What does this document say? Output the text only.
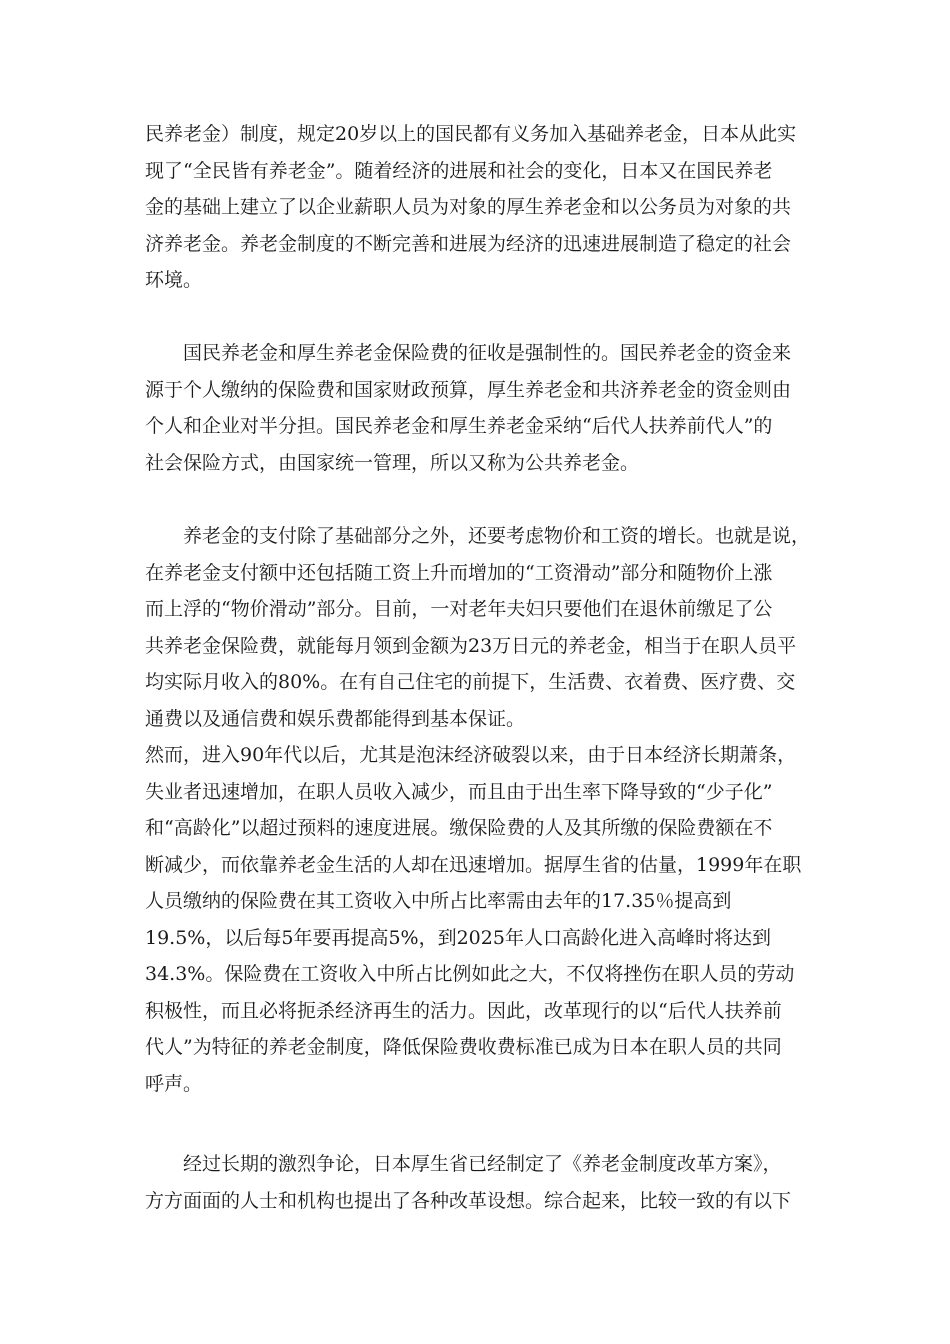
民养老金）制度，规定20岁以上的国民都有义务加入基础养老金，日本从此实
现了“全民皆有养老金”。随着经济的进展和社会的变化，日本又在国民养老
金的基础上建立了以企业薪职人员为对象的厚生养老金和以公务员为对象的共
济养老金。养老金制度的不断完善和进展为经济的迅速进展制造了稳定的社会
环境。
国民养老金和厚生养老金保险费的征收是强制性的。国民养老金的资金来
源于个人缴纳的保险费和国家财政预算，厚生养老金和共济养老金的资金则由
个人和企业对半分担。国民养老金和厚生养老金采纳“后代人扶养前代人”的
社会保险方式，由国家统一管理，所以又称为公共养老金。
养老金的支付除了基础部分之外，还要考虑物价和工资的增长。也就是说，
在养老金支付额中还包括随工资上升而增加的“工资滑动”部分和随物价上涨
而上浮的“物价滑动”部分。目前，一对老年夫妇只要他们在退休前缴足了公
共养老金保险费，就能每月领到金额为23万日元的养老金，相当于在职人员平
均实际月收入的80%。在有自己住宅的前提下，生活费、衣着费、医疗费、交
通费以及通信费和娱乐费都能得到基本保证。
然而，进入90年代以后，尤其是泡沫经济破裂以来，由于日本经济长期萧条，
失业者迅速增加，在职人员收入减少，而且由于出生率下降导致的“少子化”
和“高龄化”以超过预料的速度进展。缴保险费的人及其所缴的保险费额在不
断减少，而依靠养老金生活的人却在迅速增加。据厚生省的估量，1999年在职
人员缴纳的保险费在其工资收入中所占比率需由去年的17.35％提高到
19.5%，以后每5年要再提高5%，到2025年人口高龄化进入高峰时将达到
34.3%。保险费在工资收入中所占比例如此之大，不仅将挫伤在职人员的劳动
积极性，而且必将扼杀经济再生的活力。因此，改革现行的以“后代人扶养前
代人”为特征的养老金制度，降低保险费收费标准已成为日本在职人员的共同
呼声。
经过长期的激烈争论，日本厚生省已经制定了《养老金制度改革方案》，
方方面面的人士和机构也提出了各种改革设想。综合起来，比较一致的有以下
